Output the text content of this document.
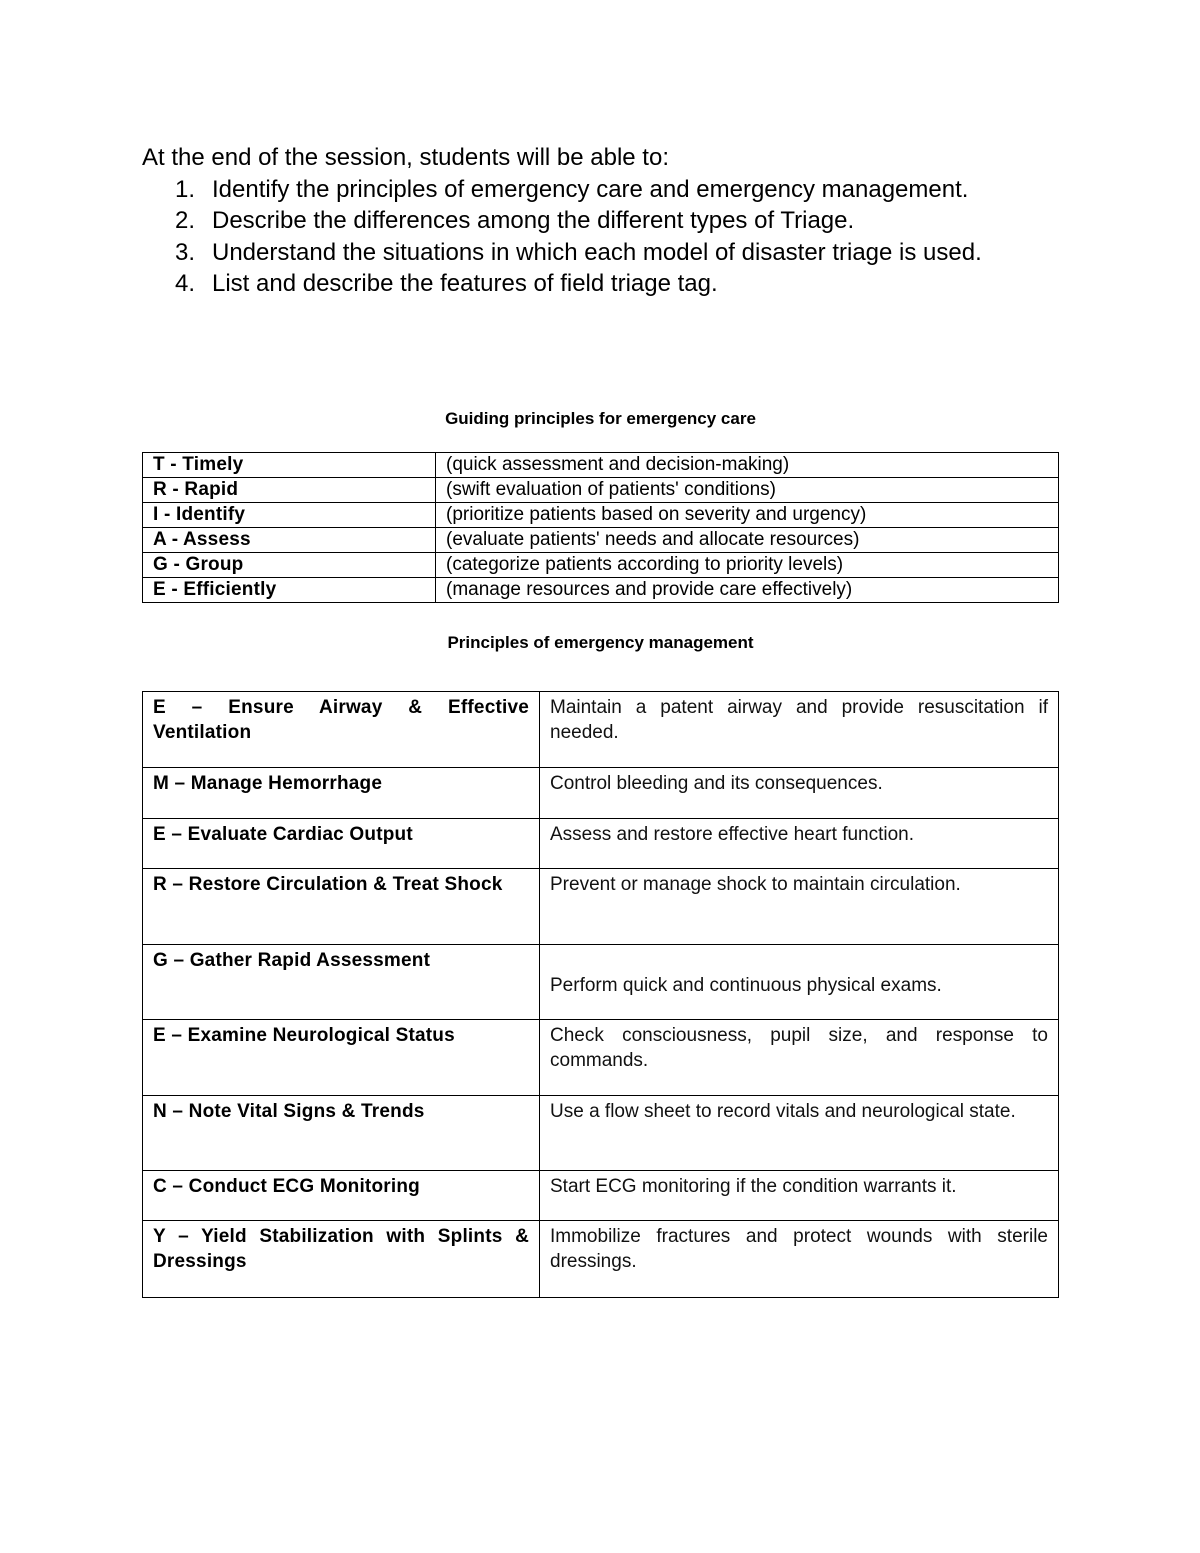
At the end of the session, students will be able to:

1. Identify the principles of emergency care and emergency management.
2. Describe the differences among the different types of Triage.
3. Understand the situations in which each model of disaster triage is used.
4. List and describe the features of field triage tag.
Guiding principles for emergency care
T - Timely	(quick assessment and decision-making)
R - Rapid	(swift evaluation of patients' conditions)
I - Identify	(prioritize patients based on severity and urgency)
A - Assess	(evaluate patients' needs and allocate resources)
G - Group	(categorize patients according to priority levels)
E - Efficiently	(manage resources and provide care effectively)
Principles of emergency management
E – Ensure Airway & Effective Ventilation	Maintain a patent airway and provide resuscitation if needed.
M – Manage Hemorrhage	Control bleeding and its consequences.
E – Evaluate Cardiac Output	Assess and restore effective heart function.
R – Restore Circulation & Treat Shock	Prevent or manage shock to maintain circulation.
G – Gather Rapid Assessment	Perform quick and continuous physical exams.
E – Examine Neurological Status	Check consciousness, pupil size, and response to commands.
N – Note Vital Signs & Trends	Use a flow sheet to record vitals and neurological state.
C – Conduct ECG Monitoring	Start ECG monitoring if the condition warrants it.
Y – Yield Stabilization with Splints & Dressings	Immobilize fractures and protect wounds with sterile dressings.
